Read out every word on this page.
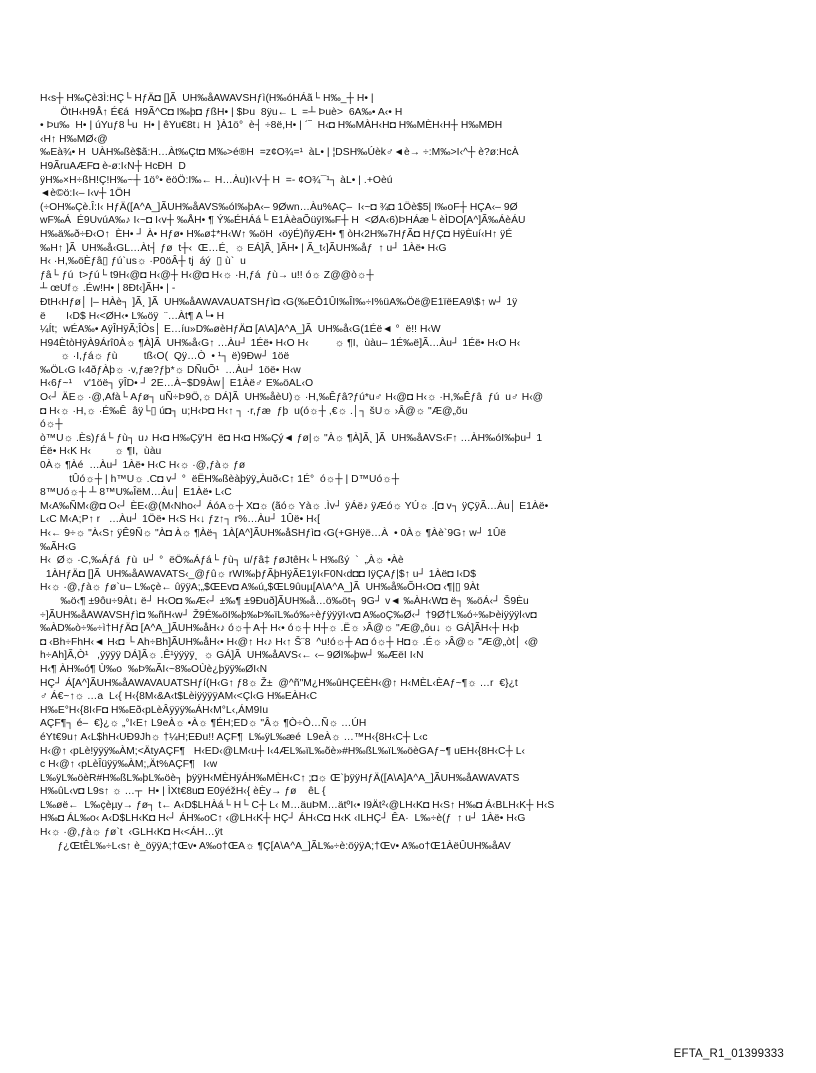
H‹s┼ H‰Çè3Ì:HÇ└ HƒÄ◘ []Ã  UH‰åAWAVSHƒì(H‰óHÁã└ H‰_┼ H• |
ÖtH‹H9Å↑ É€á  H9Ã^C◘ I‰þ◘ ƒßH• | $Þu  8ÿu← L  =┴ Þuè>  6A‰• A‹• H
• Þu‰  H• | úYuƒ8└u  H• | êYu€8t↓ H  }À1ö°  è┤ ÷8ë,H• | ´‾  H‹◘ H‰MÀH‹H◘ H‰MÈH‹H┼ H‰MÐH
‹H↑ H‰MØ‹@
‰Eà¾• H  UÀH‰ßè$ã:H…Àt‰Çt◘ M‰>é®H  =z¢O¾=¹  àL• | ¦DSH‰Úèk♂◄è→ ÷:M‰>I‹^┼ è?ø:HcÀ
H9ÃruAÆF◘ è-ø:I‹N┼ HcÐH  D
ÿH‰×H÷ßH!Ç!H‰~┼ 1ö°• ëöÖ:I‰← H…Àu)I‹V┼ H  =- ¢O¾¯¹┐ àL• | .+Oèú
◄è©ö:I‹– I‹v┼ 1ÖH
(÷OH‰Çè.Î:I‹ HƒÄ([A^A_]ÃUH‰åAVS‰óI‰þA‹– 9Øwn…Àu%AÇ–  I‹~◘ ¾◘ 1Öè$5| I‰oF┼ HÇA‹– 9Ø
wF‰Á  É9UvúA‰♪ I‹~◘ I‹v┼ ‰ÅH• ¶ Ý‰ÉHÁá└ E1ÀèaÕüÿI‰F┼ H  <ØA‹6)ÞHÁæ└ èÌDO[A^]Ã‰ÁèÁU
H‰ä‰ð÷Ð‹O↑  ÈH• ┘ À• Hƒø• H‰ø‡*H‹W↑ ‰öH  ‹öÿÉ)ñÿÆH• ¶ òH‹2H‰7HƒÃ◘ HƒÇ◘ HÿÈuí‹H↑ ÿÉ
‰H↑ ]Ã  UH‰å‹GL…Àt┤ ƒø  t┼‹  Œ…É¸  ☼ EÁ]Ã¸ ]ÃH• | Ã_t‹]ÃUH‰åƒ  ↑ u┘ 1Àë• H‹G
H‹ ·H,‰öÈƒâ▯ ƒú`us☼ ·P0öÂ┼ tj  áý  ▯ ù`  u
ƒâ└ ƒú  t>ƒú└ t9H‹@◘ H‹@┼ H‹@◘ H‹☼ ·H,ƒá  ƒù→ u!! ó☼ Z@@ò☼┼
┴ œUf☼ .Éw!H• | 8Ðt‹]ÃH• | -
ÐtH‹Hƒø│ |– HÀè┐ ]Ã¸ ]Ã  UH‰åAWAVAUATSHƒì◘ ‹G(‰EÔ1ÛI‰ÎI‰÷I%üA‰Öë@E1ïëEA9\$↑ w┘ 1ÿ
ë       I‹D$ H‹<ØH‹• L‰öÿ  ¨…Àt¶ A└• H
¼Ít;  wÉA‰• AÿÎHÿÃ;ÎÒs│ E…íu»D‰øèHƒÄ◘ [A\A]A^A_]Ã  UH‰å‹G(1Éë◄ °  ë!! H‹W
H94ÈtòHÿÀ9Árî0À☼ ¶À]Ã  UH‰å‹G↑ …Àu┘ 1Éë• H‹O H‹         ☼ ¶I,  ùàu– 1É‰ë]Ã…Àu┘ 1Éë• H‹O H‹
☼ ·I,ƒá☼ ƒù         tß‹O(  Qÿ…Ò  • ¹┐ ë)9Ðw┘ 1öë
‰ÖL‹G I‹4ðƒÀþ☼ ·v,ƒæ?ƒþ*☼ DÑuÕ¹  …Àu┘ 1öë• H‹w
H‹6ƒ~¹    v'1öë┐ ÿÎD• ┘ 2E…À~$D9Àw│ E1Àë♂ E‰öAL‹O
O‹┘ ÄE☼ ·@,Afà└ Aƒø┐ uÑ÷Þ9Ö,☼ DÁ]Ã  UH‰åèU)☼ ·H,‰Êƒâ?ƒú*u♂ H‹@◘ H‹☼ ·H,‰Êƒâ  ƒú  u♂ H‹@
◘ H‹☼ ·H,☼ ·É‰Ê  âÿ└▯ ú◘┐ u;H‹Þ◘ H‹↑ ┐ ·r,ƒæ  ƒþ  u(ó☼┼ ,€☼ .│┐ šU☼ ›Â@☼ "Æ@„õu
ó☼┼
ò™U☼ .Ès)ƒá└ ƒù┐ u♪ H‹◘ H‰Çÿ'H  ë◘ H‹◘ H‰Çý◄ ƒø|☼ "À☼ ¶À]Ã¸ ]Ã  UH‰åAVS‹F↑ …ÀH‰óI‰þu┘ 1
Éë• H‹K H‹        ☼ ¶I,  ùàu
0À☼ ¶Àé  …Àu┘ 1Àë• H‹C H‹☼ ·@,ƒà☼ ƒø
tÛó☼┼ | h™U☼ .C◘ v┘ °  ëËH‰ßèàþÿÿ„Àuð‹C↑ 1É°  ó☼┼ | D™Uó☼┼
8™Uó☼┼ ┴ 8™U‰ÎëM…Àu│ E1Àë• L‹C
M‹A‰ÑM‹@◘ O‹┘ ÈE‹@(M‹Nho‹┘ ÁóA☼┼ X◘☼ (ãó☼ Yà☼ .Ìv┘ ÿÁë♪ ÿÆó☼ YÚ☼ .[◘ v┐ ÿÇÿÃ…Àu│ E1Àë•
L‹C M‹A;P↑ r   …Àu┘ 1Öë• H‹S H‹↓ ƒz↑┐ r%…Àu┘ 1Ûë• H‹[
H‹← 9÷☼ "À‹S↑ ÿÊ9Ñ☼ "À◘ À☼ ¶Àë┐ 1À[A^]ÃUH‰åSHƒì◘ ‹G(+GHÿë…À  • 0À☼ ¶Àè`9G↑ w┘ 1Ûë
‰ÃH‹G
H‹  Ø☼ ·C,‰Áƒá  ƒù  u┘ °  ëÖ‰Áƒá└ ƒù┐ u/ƒâ‡ ƒøJtêH‹└ H‰ßý  `  „À☼ •Àè
1ÀHƒÄ◘ []Ã  UH‰åAWAVATS‹_@ƒû☼ rWI‰þƒÃþHÿÃE1ÿI‹F0N‹d◘◘ IÿÇAƒ|$↑ u┘ 1Àë◘ I‹D$
H‹☼ ·@,ƒà☼ ƒø`u– L‰çè← ûÿÿA;„$ŒEv◘ A‰ú„$ŒL9ûuµ[A\A^A_]Ã  UH‰å‰ÕH‹O◘ ‹¶|▯ 9Àt
‰ö‹¶ ±9ôu÷9Àt↓ ë┘ H‹O◘ ‰Æ‹┘ ±‰¶ ±9Ðuð]ÃUH‰å…ö‰öt┐ 9G┘ v◄ ‰ÀH‹W◘ ë┐ ‰öÁ‹┘ Š9Èu
÷]ÃUH‰åAWAVSHƒì◘ ‰ñH‹w┘ Ž9É‰öI‰þ‰Þ‰ïL‰ó‰÷èƒÿÿÿI‹v◘ A‰oÇ‰Ø‹┘ †9Ø†L‰ó÷‰Þèiÿÿÿl‹v◘
‰ÀD‰ò÷‰÷ì†HƒÄ◘ [A^A_]ÃUH‰åH‹♪ ó☼┼ A┼ H‹• ó☼┼ H┼☼ .Ë☼ ›Â@☼ "Æ@„ôu↓ ☼ GÁ]ÃH‹┼ H‹þ
◘ ‹Bh÷FhH‹◄ H‹◘ └ Ah÷Bh]ÃUH‰åH‹• H‹@↑ H‹♪ H‹↑ Š¨8  ^u!ó☼┼ A◘ ó☼┼ H◘☼ .É☼ ›Â@☼ "Æ@„òt│ ‹@
h÷Ah]Ã,Ò¹   ,ÿÿÿÿ DÁ]Ã☼ .Ê¹ÿÿÿÿ¸  ☼ GÁ]Ã  UH‰åAVS‹← ‹– 9ØI‰þw┘ ‰ÆëI I‹N
H‹¶ ÀH‰ó¶ Ù‰o  ‰Þ‰ÃI‹~8‰OÙè¿þÿÿ‰ØI‹N
HÇ┘ Á[A^]ÃUH‰åAWAVAUATSHƒí(H‹G↑ ƒ8☼ Ž±  @^ñ"M¿H‰ûHÇEÈH‹@↑ H‹MÈL‹ÈAƒ~¶☼ …r  €}¿t
♂ Á€~↑☼ …a  L‹{ H‹{8M‹&A‹t$LèiÿÿÿÿAM‹<Çl‹G H‰EÀH‹C
H‰E°H‹{8I‹F◘ H‰Eð‹pLèÂÿÿÿ‰ÁH‹M°L‹,ÁM9Iu
AÇF¶┐ é–  €}¿☼ „°I‹E↑ L9eÀ☼ •À☼ ¶ÉH;ED☼ "Â☼ ¶Ò÷Ò…Ñ☼ …ÚH
éYt€9u↑ A‹L$hH‹UÐ9Jh☼ †¼H;EÐu!! AÇF¶  L‰ÿL‰æé  L9eÀ☼ …™H‹{8H‹C┼ L‹c
H‹@↑ ‹pLè!ÿÿÿ‰ÀM;<ÄtyAÇF¶   H‹ED‹@LM‹u┼ I‹4ÆL‰ïL‰õè»#H‰ßL‰ïL‰öèGAƒ~¶ uEH‹{8H‹C┼ L‹
c H‹@↑ ‹pLèÎüÿÿ‰ÀM;,Ät%AÇF¶   I‹w
L‰ÿL‰öèR#H‰ßL‰þL‰öè┐ þÿÿH‹MÈHÿÁH‰MÈH‹C↑ ;◘☼ Œ`þÿÿHƒÄ([A\A]A^A_]ÃUH‰åAWAVATS
H‰ûL‹v◘ L9s↑ ☼ …┬  H• | ÌXt€8u◘ E0ÿéžH‹{ èÈy→ ƒø    êL {
L‰øë←  L‰çèµy→ ƒø┐ t← A‹D$LHÀá└ H└ C┼ L‹ M…äuÞM…ätºI‹• I9Ät²‹@LH‹K◘ H‹S↑ H‰◘ Á‹BLH‹K┼ H‹S
H‰◘ ÁL‰o‹ A‹D$LH‹K◘ H‹┘ ÁH‰oC↑ ‹@LH‹K┼ HÇ┘ ÁH‹C◘ H‹K ‹ILHÇ┘ ÊA·  L‰÷è(ƒ  ↑ u┘ 1Àë• H‹G
H‹☼ ·@,ƒà☼ ƒø`t  ‹GLH‹K◘ H‹<ÁH…ÿt
ƒ¿ŒtÊL‰÷L‹s↑ è_öÿÿA;†Œv• A‰o†ŒA☼ ¶Ç[A\A^A_]ÃL‰÷è:öÿÿA;†Œv• A‰o†Œ1ÀëÛUH‰åAV
EFTA_R1_01399333
